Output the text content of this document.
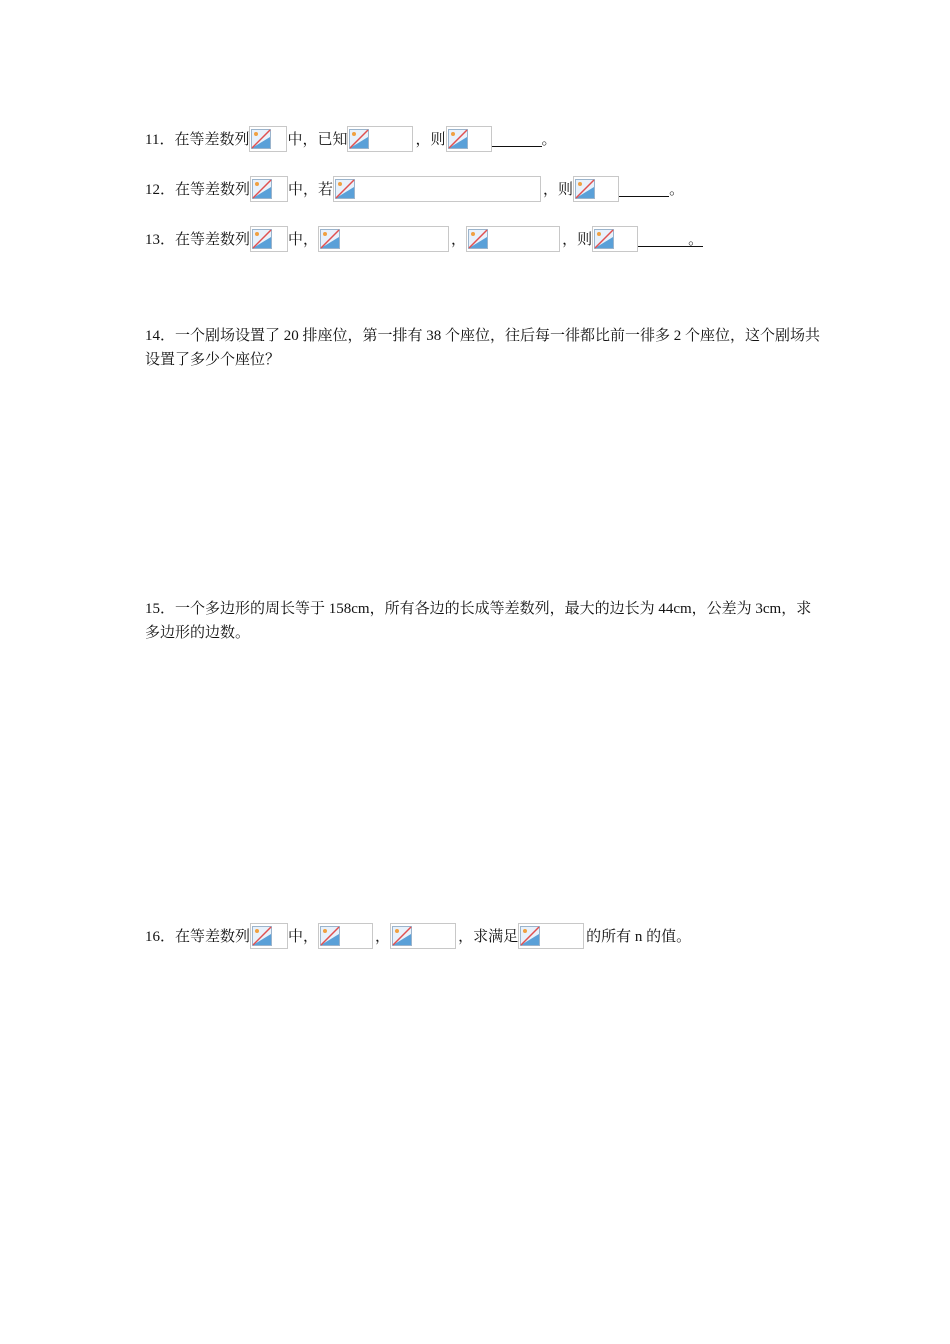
11．在等差数列	中，已知	，则	。
12．在等差数列	中，若	，则	。
13．在等差数列	中，	，	，则	。
14．一个剧场设置了 20 排座位，第一排有 38 个座位，往后每一徘都比前一徘多 2 个座位，这个剧场共设置了多少个座位？
15．一个多边形的周长等于 158cm，所有各边的长成等差数列，最大的边长为 44cm，公差为 3cm，求多边形的边数。
16．在等差数列	中，	，	，求满足	的所有 n 的值。
